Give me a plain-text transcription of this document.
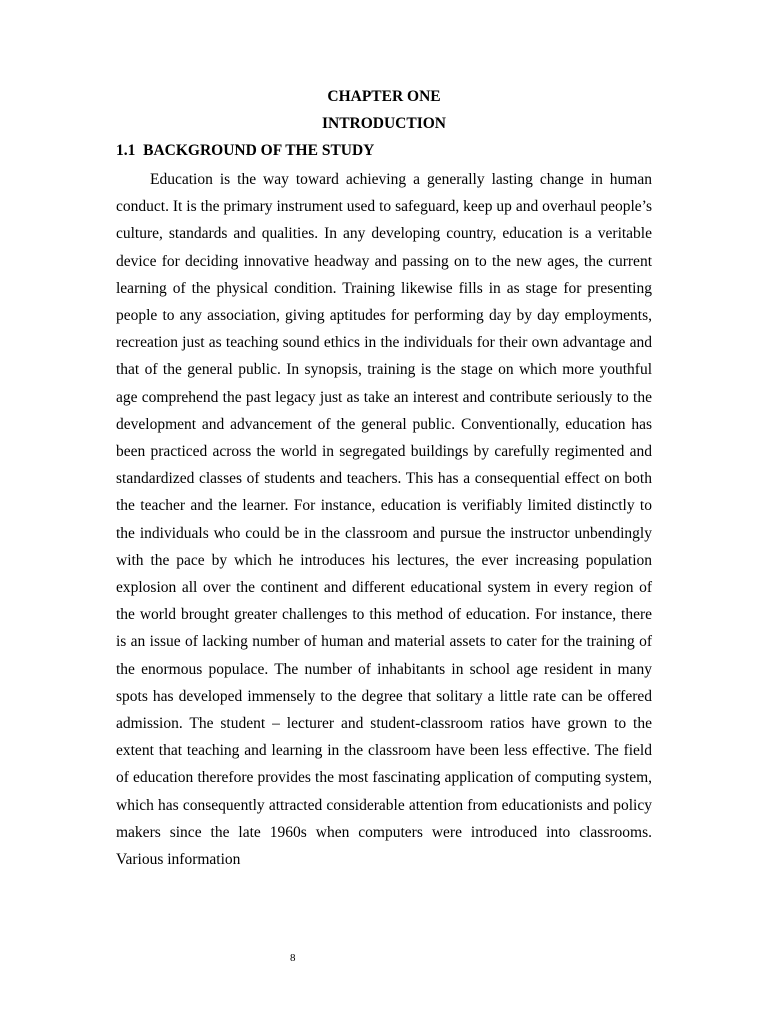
CHAPTER ONE
INTRODUCTION
1.1  BACKGROUND OF THE STUDY

Education is the way toward achieving a generally lasting change in human conduct. It is the primary instrument used to safeguard, keep up and overhaul people’s culture, standards and qualities. In any developing country, education is a veritable device for deciding innovative headway and passing on to the new ages, the current learning of the physical condition. Training likewise fills in as stage for presenting people to any association, giving aptitudes for performing day by day employments, recreation just as teaching sound ethics in the individuals for their own advantage and that of the general public. In synopsis, training is the stage on which more youthful age comprehend the past legacy just as take an interest and contribute seriously to the development and advancement of the general public. Conventionally, education has been practiced across the world in segregated buildings by carefully regimented and standardized classes of students and teachers. This has a consequential effect on both the teacher and the learner. For instance, education is verifiably limited distinctly to the individuals who could be in the classroom and pursue the instructor unbendingly with the pace by which he introduces his lectures, the ever increasing population explosion all over the continent and different educational system in every region of the world brought greater challenges to this method of education. For instance, there is an issue of lacking number of human and material assets to cater for the training of the enormous populace. The number of inhabitants in school age resident in many spots has developed immensely to the degree that solitary a little rate can be offered admission. The student – lecturer and student-classroom ratios have grown to the extent that teaching and learning in the classroom have been less effective. The field of education therefore provides the most fascinating application of computing system, which has consequently attracted considerable attention from educationists and policy makers since the late 1960s when computers were introduced into classrooms. Various information

8
